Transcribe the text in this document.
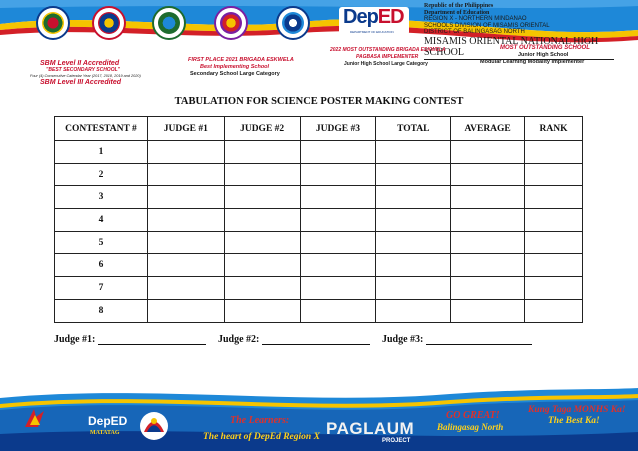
DepED
DEPARTMENT OF EDUCATION
Republic of the Philippines
Department of Education
REGION X - NORTHERN MINDANAO
SCHOOLS DIVISION OF MISAMIS ORIENTAL
DISTRICT OF BALINGASAG NORTH
MISAMIS ORIENTAL NATIONAL HIGH SCHOOL
SBM Level II Accredited
"BEST SECONDARY SCHOOL"
Four (4) Consecutive Calendar Year (2017, 2018, 2019 and 2020)
SBM Level III Accredited
FIRST PLACE 2021 BRIGADA ESKWELA
Best Implementing School
Secondary School Large Category
2022 MOST OUTSTANDING BRIGADA ESKWELA
PAGBASA IMPLEMENTER
Junior High School Large Category
MOST OUTSTANDING SCHOOL
Junior High School
Modular Learning Modality Implementer
TABULATION FOR SCIENCE POSTER MAKING CONTEST
CONTESTANT #	JUDGE #1	JUDGE #2	JUDGE #3	TOTAL	AVERAGE	RANK
1						
2						
3						
4						
5						
6						
7						
8						
Judge #1:	Judge #2:	Judge #3:
DepED
MATATAG
The Learners:
The heart of DepEd Region X PAGLAUM
PROJECT
GO GREAT!
Balingasag North
Kung Taga MONHS Ka!
The Best Ka!
